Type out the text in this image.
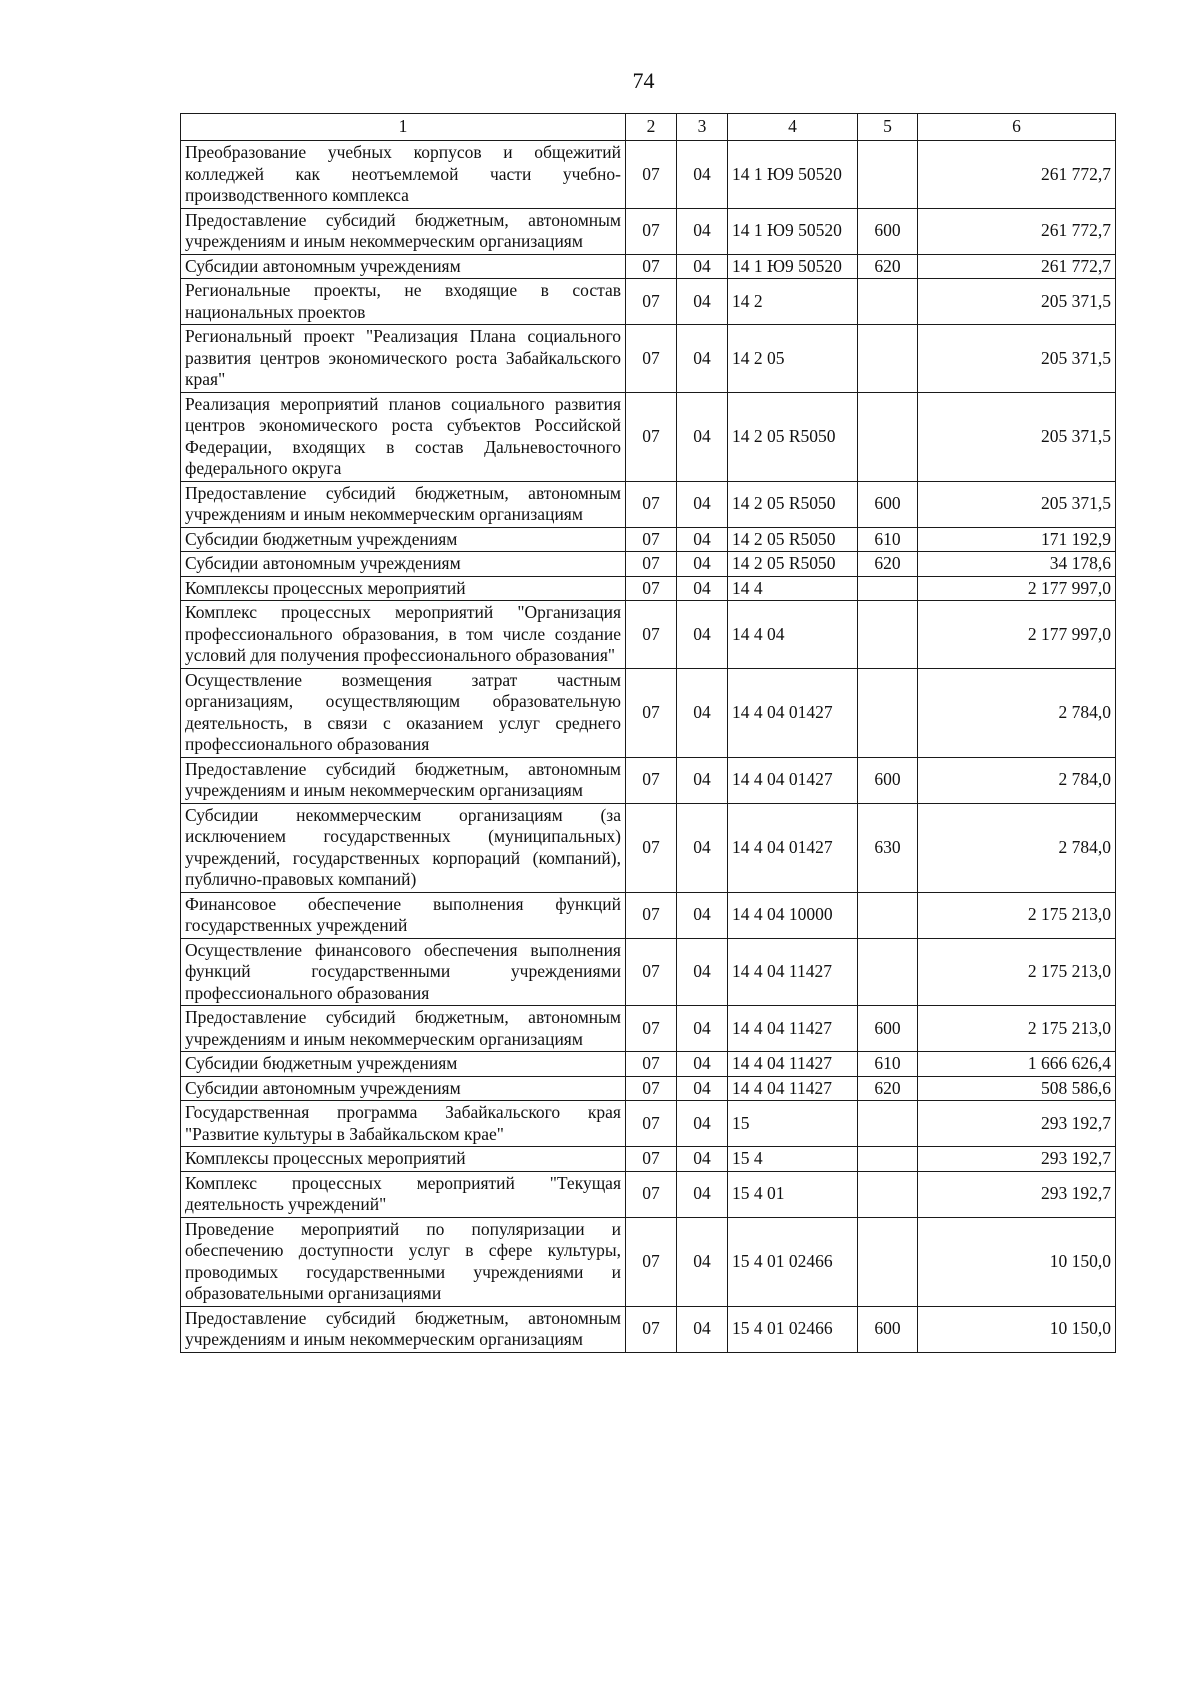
74
1	2	3	4	5	6
Преобразование учебных корпусов и общежитий колледжей как неотъемлемой части учебно-производственного комплекса	07	04	14 1 Ю9 50520		261 772,7
Предоставление субсидий бюджетным, автономным учреждениям и иным некоммерческим организациям	07	04	14 1 Ю9 50520	600	261 772,7
Субсидии автономным учреждениям	07	04	14 1 Ю9 50520	620	261 772,7
Региональные проекты, не входящие в состав национальных проектов	07	04	14 2		205 371,5
Региональный проект "Реализация Плана социального развития центров экономического роста Забайкальского края"	07	04	14 2 05		205 371,5
Реализация мероприятий планов социального развития центров экономического роста субъектов Российской Федерации, входящих в состав Дальневосточного федерального округа	07	04	14 2 05 R5050		205 371,5
Предоставление субсидий бюджетным, автономным учреждениям и иным некоммерческим организациям	07	04	14 2 05 R5050	600	205 371,5
Субсидии бюджетным учреждениям	07	04	14 2 05 R5050	610	171 192,9
Субсидии автономным учреждениям	07	04	14 2 05 R5050	620	34 178,6
Комплексы процессных мероприятий	07	04	14 4		2 177 997,0
Комплекс процессных мероприятий "Организация профессионального образования, в том числе создание условий для получения профессионального образования"	07	04	14 4 04		2 177 997,0
Осуществление возмещения затрат частным организациям, осуществляющим образовательную деятельность, в связи с оказанием услуг среднего профессионального образования	07	04	14 4 04 01427		2 784,0
Предоставление субсидий бюджетным, автономным учреждениям и иным некоммерческим организациям	07	04	14 4 04 01427	600	2 784,0
Субсидии некоммерческим организациям (за исключением государственных (муниципальных) учреждений, государственных корпораций (компаний), публично-правовых компаний)	07	04	14 4 04 01427	630	2 784,0
Финансовое обеспечение выполнения функций государственных учреждений	07	04	14 4 04 10000		2 175 213,0
Осуществление финансового обеспечения выполнения функций государственными учреждениями профессионального образования	07	04	14 4 04 11427		2 175 213,0
Предоставление субсидий бюджетным, автономным учреждениям и иным некоммерческим организациям	07	04	14 4 04 11427	600	2 175 213,0
Субсидии бюджетным учреждениям	07	04	14 4 04 11427	610	1 666 626,4
Субсидии автономным учреждениям	07	04	14 4 04 11427	620	508 586,6
Государственная программа Забайкальского края "Развитие культуры в Забайкальском крае"	07	04	15		293 192,7
Комплексы процессных мероприятий	07	04	15 4		293 192,7
Комплекс процессных мероприятий "Текущая деятельность учреждений"	07	04	15 4 01		293 192,7
Проведение мероприятий по популяризации и обеспечению доступности услуг в сфере культуры, проводимых государственными учреждениями и образовательными организациями	07	04	15 4 01 02466		10 150,0
Предоставление субсидий бюджетным, автономным учреждениям и иным некоммерческим организациям	07	04	15 4 01 02466	600	10 150,0
